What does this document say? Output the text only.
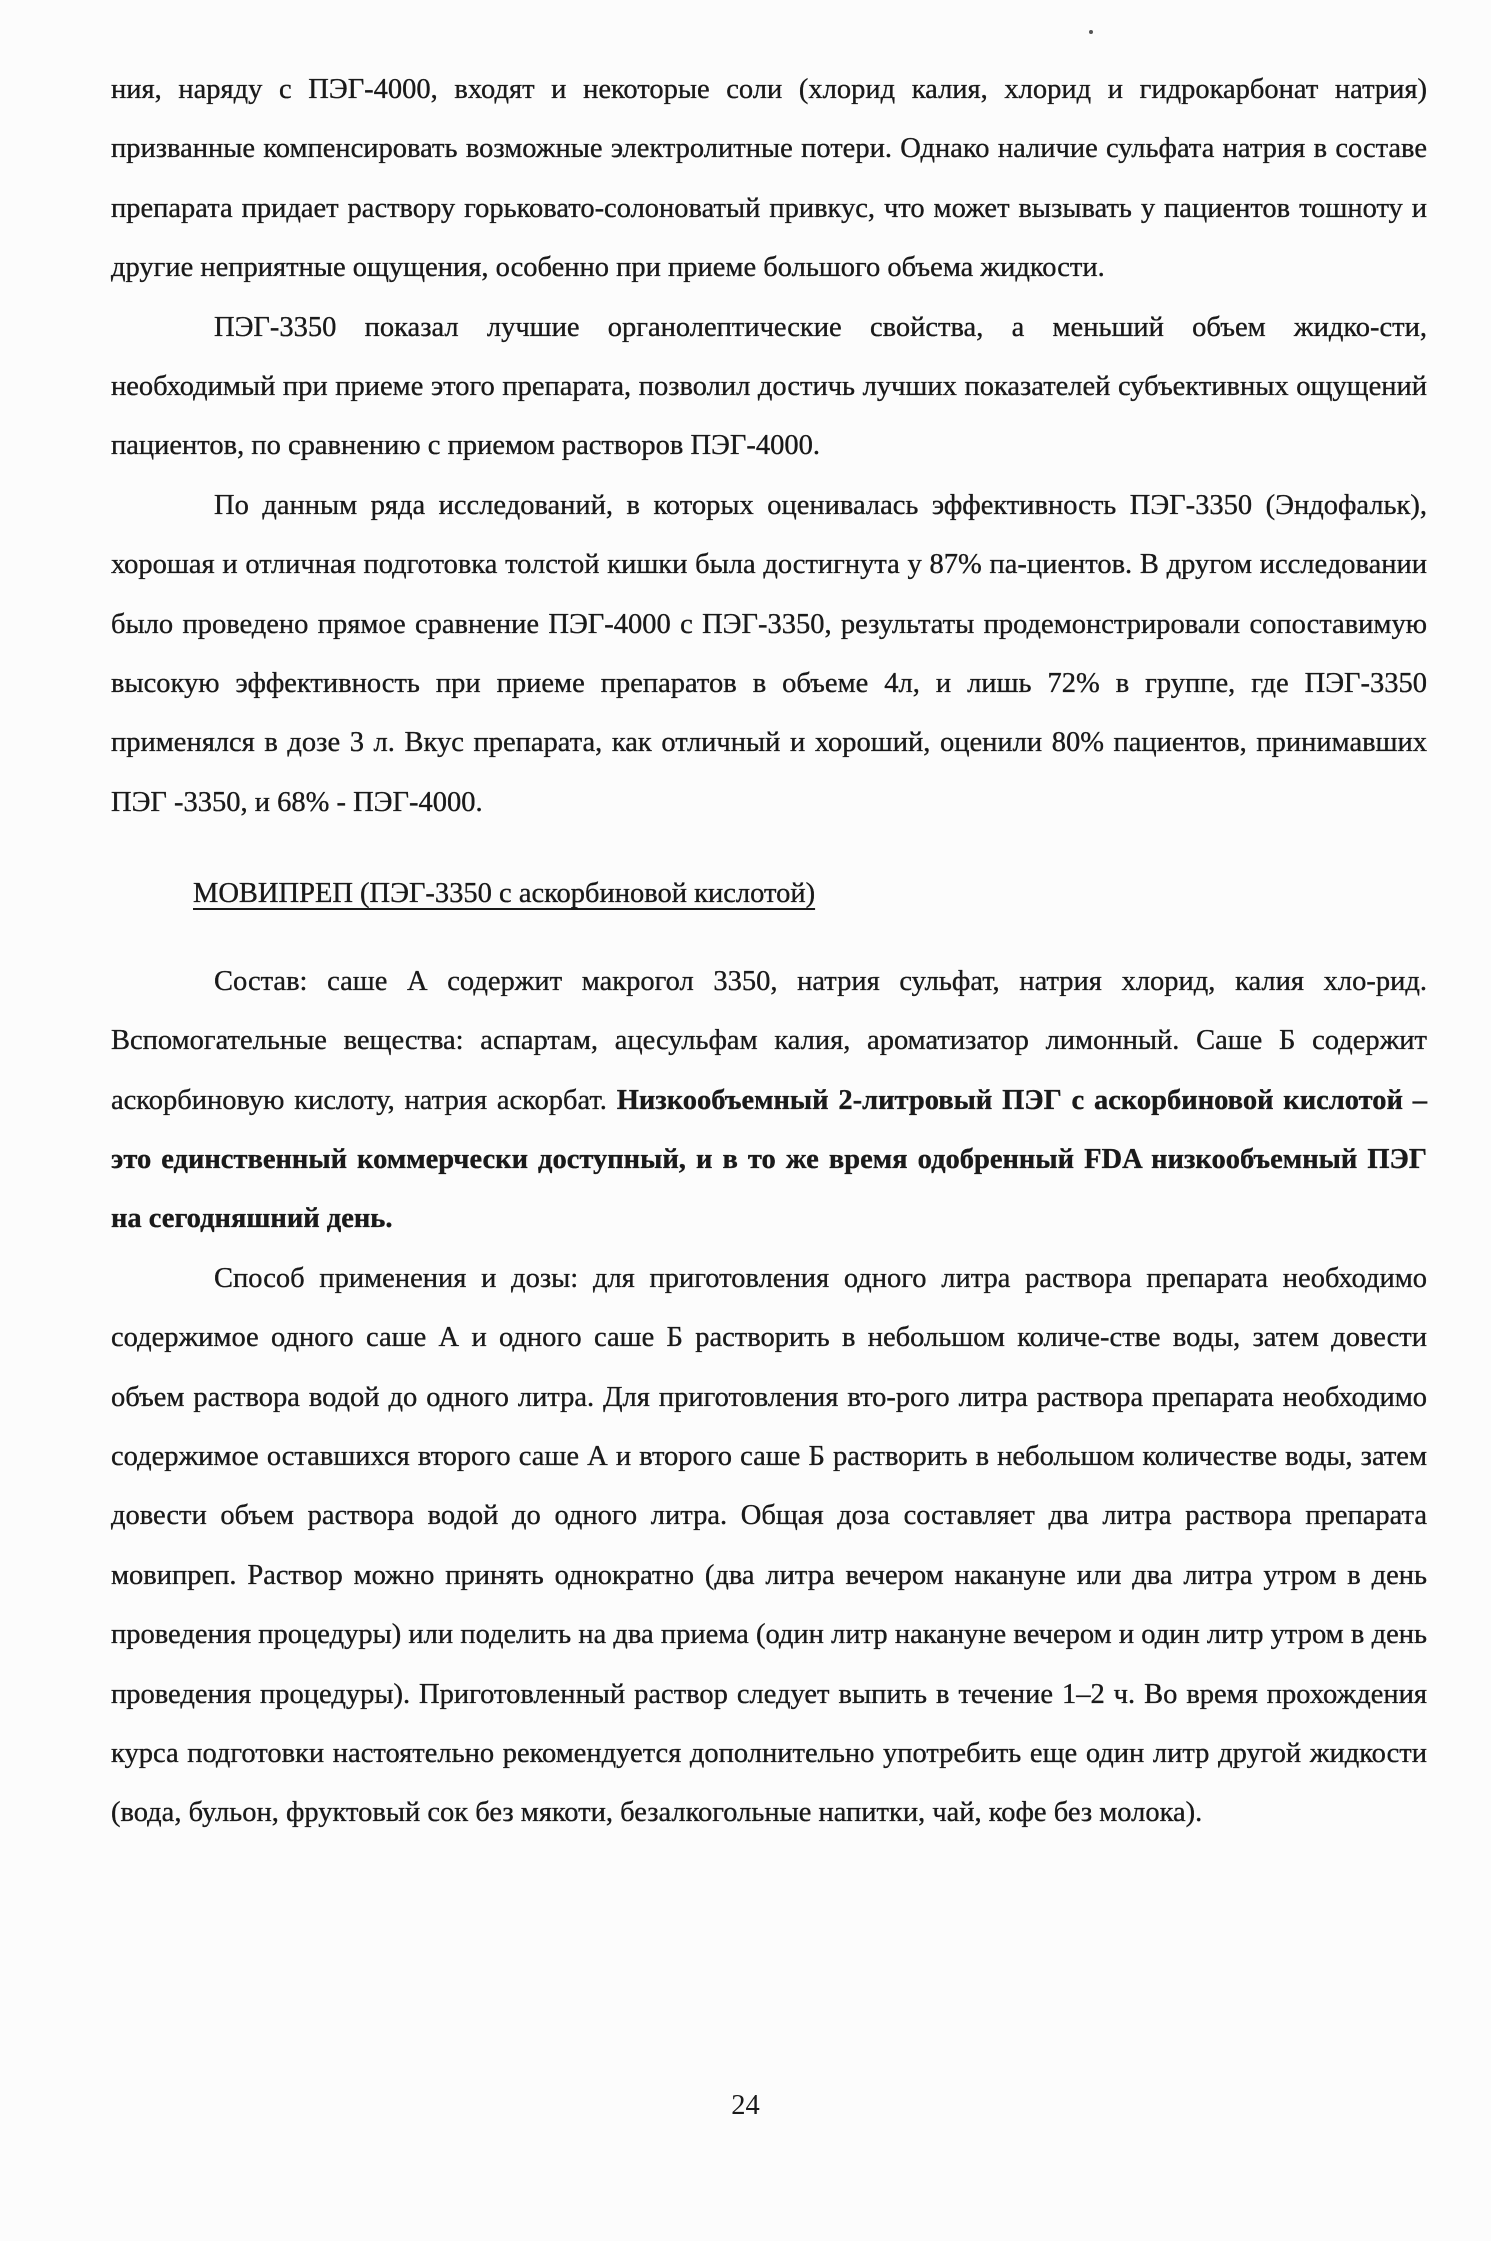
ния, наряду с ПЭГ-4000, входят и некоторые соли (хлорид калия, хлорид и гидрокарбонат натрия) призванные компенсировать возможные электролитные потери. Однако наличие сульфата натрия в составе препарата придает раствору горьковато-солоноватый привкус, что может вызывать у пациентов тошноту и другие неприятные ощущения, особенно при приеме большого объема жидкости.

ПЭГ-3350 показал лучшие органолептические свойства, а меньший объем жидко-сти, необходимый при приеме этого препарата, позволил достичь лучших показателей субъективных ощущений пациентов, по сравнению с приемом растворов ПЭГ-4000.

По данным ряда исследований, в которых оценивалась эффективность ПЭГ-3350 (Эндофальк), хорошая и отличная подготовка толстой кишки была достигнута у 87% па-циентов. В другом исследовании было проведено прямое сравнение ПЭГ-4000 с ПЭГ-3350, результаты продемонстрировали сопоставимую высокую эффективность при приеме препаратов в объеме 4л, и лишь 72% в группе, где ПЭГ-3350 применялся в дозе 3 л. Вкус препарата, как отличный и хороший, оценили 80% пациентов, принимавших ПЭГ -3350, и 68% - ПЭГ-4000.

МОВИПРЕП (ПЭГ-3350 с аскорбиновой кислотой)

Состав: саше А содержит макрогол 3350, натрия сульфат, натрия хлорид, калия хло-рид. Вспомогательные вещества: аспартам, ацесульфам калия, ароматизатор лимонный. Саше Б содержит аскорбиновую кислоту, натрия аскорбат. Низкообъемный 2-литровый ПЭГ с аскорбиновой кислотой – это единственный коммерчески доступный, и в то же время одобренный FDA низкообъемный ПЭГ на сегодняшний день.

Способ применения и дозы: для приготовления одного литра раствора препарата необходимо содержимое одного саше А и одного саше Б растворить в небольшом количе-стве воды, затем довести объем раствора водой до одного литра. Для приготовления вто-рого литра раствора препарата необходимо содержимое оставшихся второго саше А и второго саше Б растворить в небольшом количестве воды, затем довести объем раствора водой до одного литра. Общая доза составляет два литра раствора препарата мовипреп. Раствор можно принять однократно (два литра вечером накануне или два литра утром в день проведения процедуры) или поделить на два приема (один литр накануне вечером и один литр утром в день проведения процедуры). Приготовленный раствор следует выпить в течение 1–2 ч. Во время прохождения курса подготовки настоятельно рекомендуется дополнительно употребить еще один литр другой жидкости (вода, бульон, фруктовый сок без мякоти, безалкогольные напитки, чай, кофе без молока).

24
